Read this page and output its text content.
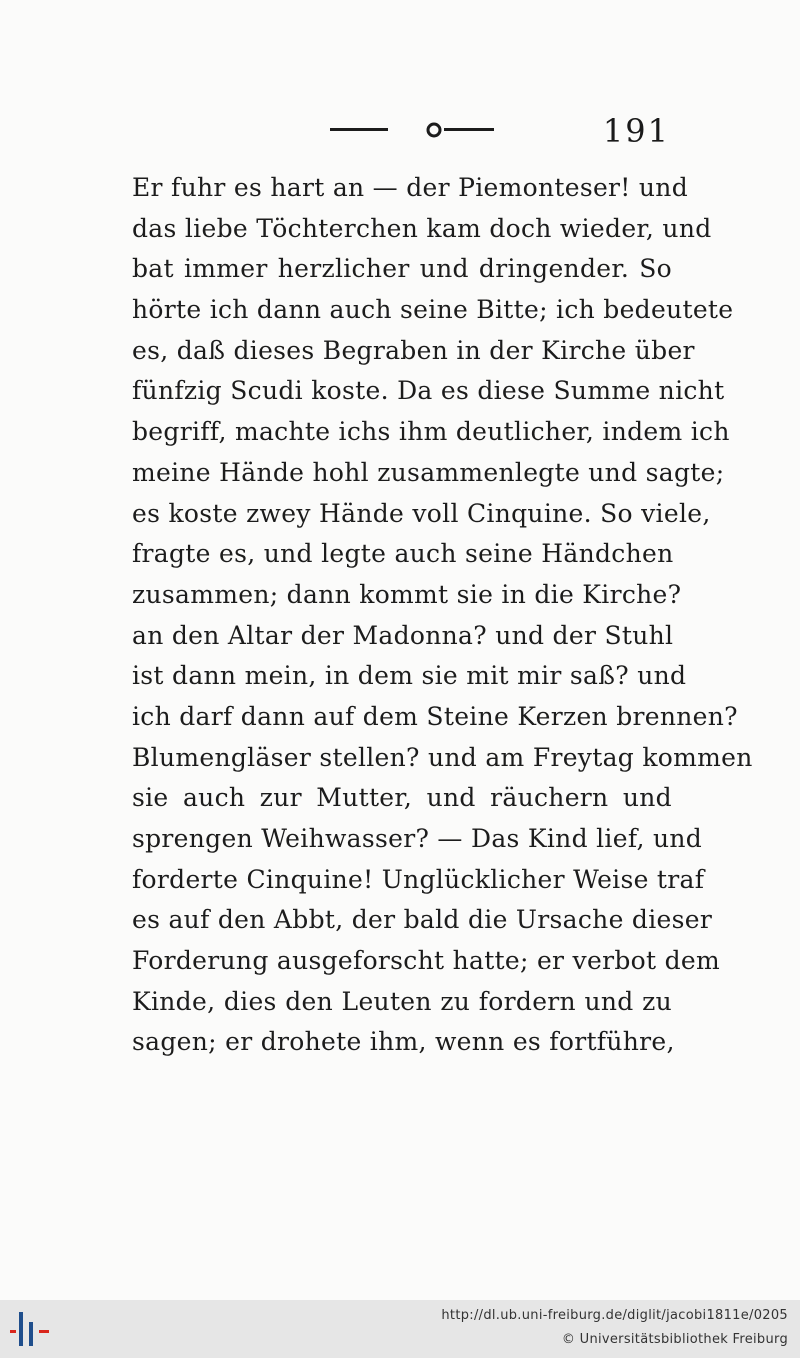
191
Er fuhr es hart an — der Piemonteser! und
das liebe Töchterchen kam doch wieder, und
bat immer herzlicher und dringender. So
hörte ich dann auch seine Bitte; ich bedeutete
es, daß dieses Begraben in der Kirche über
fünfzig Scudi koste. Da es diese Summe nicht
begriff, machte ichs ihm deutlicher, indem ich
meine Hände hohl zusammenlegte und sagte;
es koste zwey Hände voll Cinquine. So viele,
fragte es, und legte auch seine Händchen
zusammen; dann kommt sie in die Kirche?
an den Altar der Madonna? und der Stuhl
ist dann mein, in dem sie mit mir saß? und
ich darf dann auf dem Steine Kerzen brennen?
Blumengläser stellen? und am Freytag kommen
sie auch zur Mutter, und räuchern und
sprengen Weihwasser? — Das Kind lief, und
forderte Cinquine! Unglücklicher Weise traf
es auf den Abbt, der bald die Ursache dieser
Forderung ausgeforscht hatte; er verbot dem
Kinde, dies den Leuten zu fordern und zu
sagen; er drohete ihm, wenn es fortführe,
http://dl.ub.uni-freiburg.de/diglit/jacobi1811e/0205
© Universitätsbibliothek Freiburg
